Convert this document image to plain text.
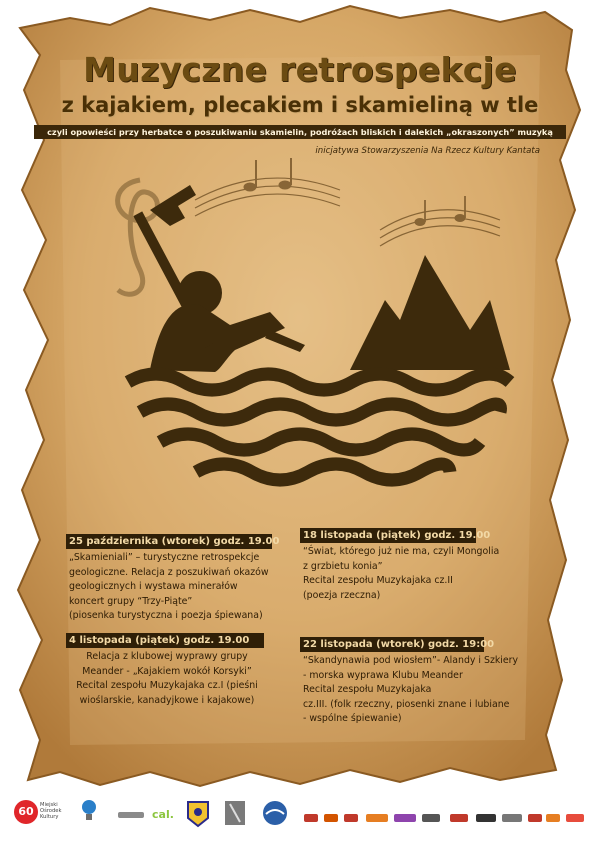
Muzyczne retrospekcje
z kajakiem, plecakiem i skamieliną w tle
czyli opowieści przy herbatce o poszukiwaniu skamielin, podróżach bliskich i dalekich „okraszonych” muzyką
inicjatywa Stowarzyszenia Na Rzecz Kultury Kantata
25 października (wtorek) godz. 19.00
„Skamieniali” – turystyczne retrospekcje
geologiczne. Relacja z poszukiwań okazów
geologicznych i wystawa minerałów
koncert grupy “Trzy-Piąte”
(piosenka turystyczna i poezja śpiewana)
18 listopada (piątek) godz. 19.00
“Świat, którego już nie ma, czyli Mongolia
z grzbietu konia”
Recital zespołu Muzykajaka cz.II
(poezja rzeczna)
4 listopada (piątek) godz. 19.00
Relacja z klubowej wyprawy grupy
Meander - „Kajakiem wokół Korsyki”
Recital zespołu Muzykajaka cz.I (pieśni
wioślarskie, kanadyjkowe i kajakowe)
22 listopada (wtorek) godz. 19:00
“Skandynawia pod wiosłem”- Alandy i Szkiery
- morska wyprawa Klubu Meander
Recital zespołu Muzykajaka
cz.III. (folk rzeczny, piosenki znane i lubiane
- wspólne śpiewanie)
60	Miejski
Ośrodek
Kultury	cal.
